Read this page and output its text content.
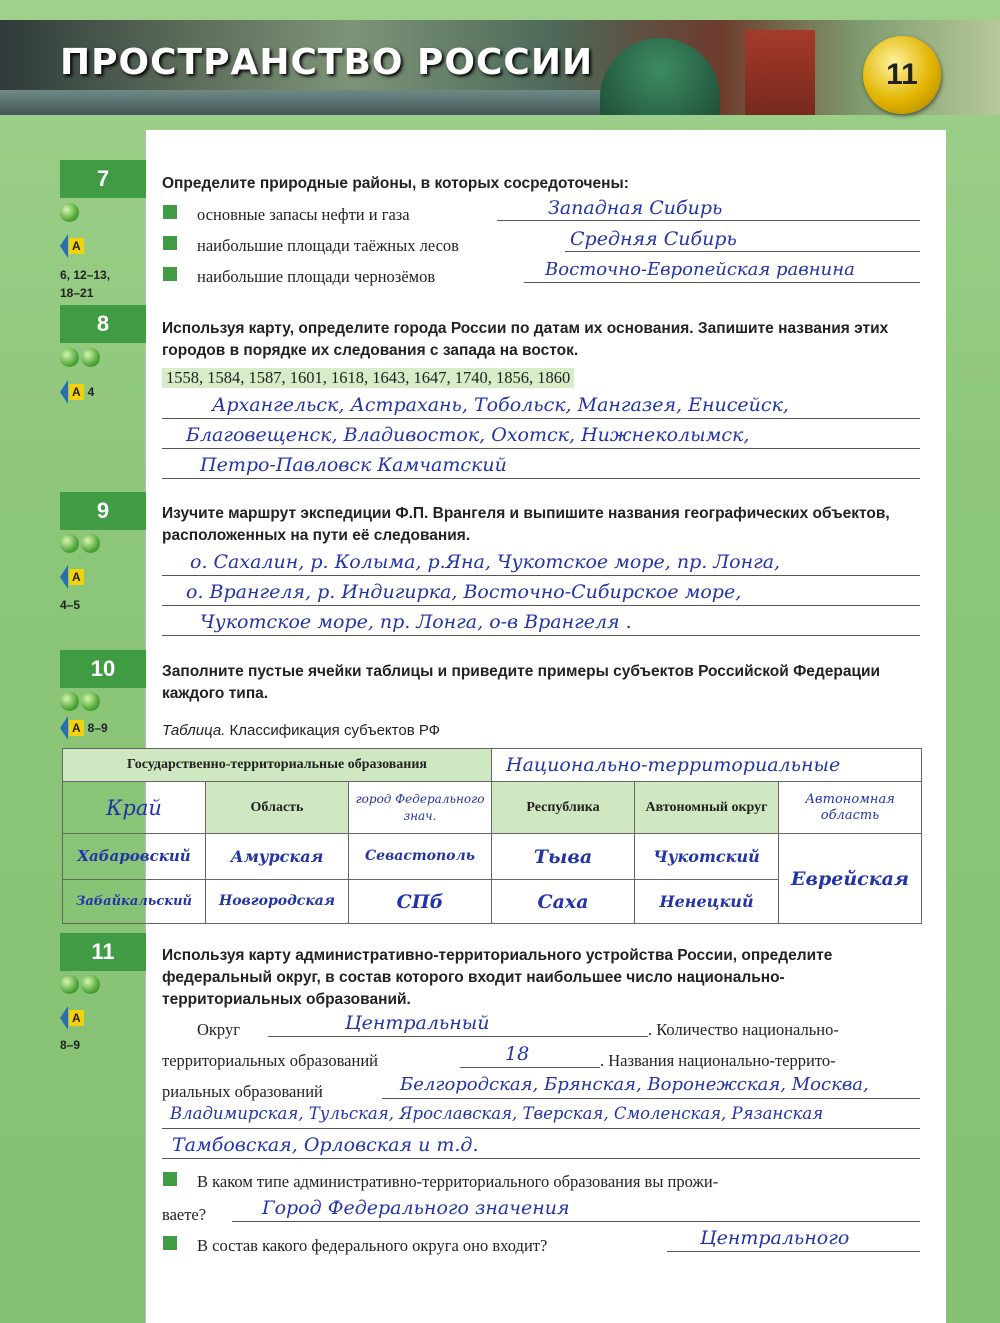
ПРОСТРАНСТВО РОССИИ	11
7
А
6, 12–13,
18–21
Определите природные районы, в которых сосредоточены:
основные запасы нефти и газа	Западная Сибирь
наибольшие площади таёжных лесов	Средняя Сибирь
наибольшие площади чернозёмов	Восточно-Европейская равнина
8
А 4
Используя карту, определите города России по датам их основания. Запишите названия этих городов в порядке их следования с запада на восток.
1558, 1584, 1587, 1601, 1618, 1643, 1647, 1740, 1856, 1860
Архангельск, Астрахань, Тобольск, Мангазея, Енисейск,
Благовещенск, Владивосток, Охотск, Нижнеколымск,
Петро-Павловск Камчатский
9
А
4–5
Изучите маршрут экспедиции Ф.П. Врангеля и выпишите названия географических объектов, расположенных на пути её следования.
о. Сахалин, р. Колыма, р.Яна, Чукотское море, пр. Лонга,
о. Врангеля, р. Индигирка, Восточно-Сибирское море,
Чукотское море, пр. Лонга, о-в Врангеля .
10
А 8–9
Заполните пустые ячейки таблицы и приведите примеры субъектов Российской Федерации каждого типа.
Таблица. Классификация субъектов РФ
Государственно-территориальные образования			Национально-территориальные		
Край	Область	город Федерального знач.	Республика	Автономный округ	Автономная область
Хабаровский	Амурская	Севастополь	Тыва	Чукотский	Еврейская
Забайкальский	Новгородская	СПб	Саха	Ненецкий	
11
А
8–9
Используя карту административно-территориального устройства России, определите федеральный округ, в состав которого входит наибольшее число национально-территориальных образований.
Округ	Центральный	. Количество национально-
территориальных образований	18	. Названия национально-террито-
риальных образований	Белгородская, Брянская, Воронежская, Москва,
Владимирская, Тульская, Ярославская, Тверская, Смоленская, Рязанская
Тамбовская, Орловская и т.д.
В каком типе административно-территориального образования вы прожи-
ваете?	Город Федерального значения
В состав какого федерального округа оно входит?	Центрального
